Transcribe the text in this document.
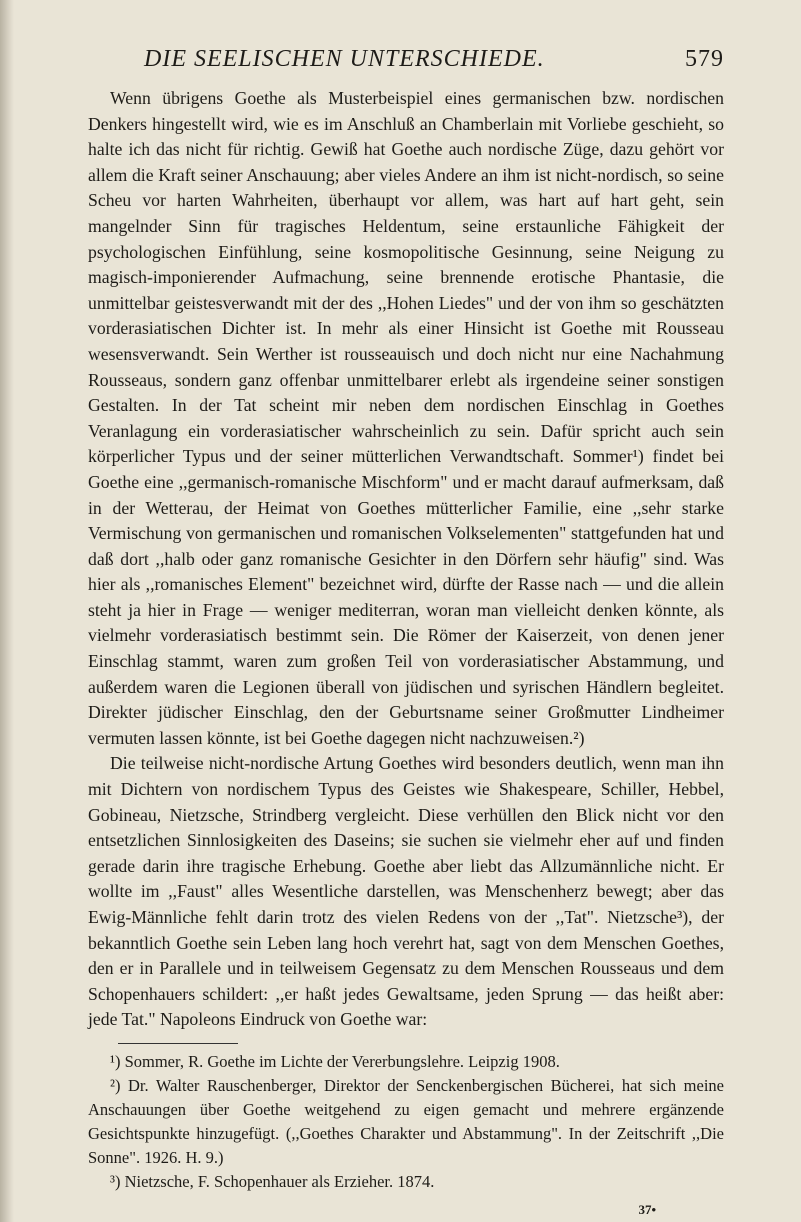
DIE SEELISCHEN UNTERSCHIEDE.	579

Wenn übrigens Goethe als Musterbeispiel eines germanischen bzw. nordischen Denkers hingestellt wird, wie es im Anschluß an Chamberlain mit Vorliebe geschieht, so halte ich das nicht für richtig. Gewiß hat Goethe auch nordische Züge, dazu gehört vor allem die Kraft seiner Anschauung; aber vieles Andere an ihm ist nicht-nordisch, so seine Scheu vor harten Wahrheiten, überhaupt vor allem, was hart auf hart geht, sein mangelnder Sinn für tragisches Heldentum, seine erstaunliche Fähigkeit der psychologischen Einfühlung, seine kosmopolitische Gesinnung, seine Neigung zu magisch-imponierender Aufmachung, seine brennende erotische Phantasie, die unmittelbar geistesverwandt mit der des ,,Hohen Liedes" und der von ihm so geschätzten vorderasiatischen Dichter ist. In mehr als einer Hinsicht ist Goethe mit Rousseau wesensverwandt. Sein Werther ist rousseauisch und doch nicht nur eine Nachahmung Rousseaus, sondern ganz offenbar unmittelbarer erlebt als irgendeine seiner sonstigen Gestalten. In der Tat scheint mir neben dem nordischen Einschlag in Goethes Veranlagung ein vorderasiatischer wahrscheinlich zu sein. Dafür spricht auch sein körperlicher Typus und der seiner mütterlichen Verwandtschaft. Sommer¹) findet bei Goethe eine ,,germanisch-romanische Mischform" und er macht darauf aufmerksam, daß in der Wetterau, der Heimat von Goethes mütterlicher Familie, eine ,,sehr starke Vermischung von germanischen und romanischen Volkselementen" stattgefunden hat und daß dort ,,halb oder ganz romanische Gesichter in den Dörfern sehr häufig" sind. Was hier als ,,romanisches Element" bezeichnet wird, dürfte der Rasse nach — und die allein steht ja hier in Frage — weniger mediterran, woran man vielleicht denken könnte, als vielmehr vorderasiatisch bestimmt sein. Die Römer der Kaiserzeit, von denen jener Einschlag stammt, waren zum großen Teil von vorderasiatischer Abstammung, und außerdem waren die Legionen überall von jüdischen und syrischen Händlern begleitet. Direkter jüdischer Einschlag, den der Geburtsname seiner Großmutter Lindheimer vermuten lassen könnte, ist bei Goethe dagegen nicht nachzuweisen.²)

Die teilweise nicht-nordische Artung Goethes wird besonders deutlich, wenn man ihn mit Dichtern von nordischem Typus des Geistes wie Shakespeare, Schiller, Hebbel, Gobineau, Nietzsche, Strindberg vergleicht. Diese verhüllen den Blick nicht vor den entsetzlichen Sinnlosigkeiten des Daseins; sie suchen sie vielmehr eher auf und finden gerade darin ihre tragische Erhebung. Goethe aber liebt das Allzumännliche nicht. Er wollte im ,,Faust" alles Wesentliche darstellen, was Menschenherz bewegt; aber das Ewig-Männliche fehlt darin trotz des vielen Redens von der ,,Tat". Nietzsche³), der bekanntlich Goethe sein Leben lang hoch verehrt hat, sagt von dem Menschen Goethes, den er in Parallele und in teilweisem Gegensatz zu dem Menschen Rousseaus und dem Schopenhauers schildert: ,,er haßt jedes Gewaltsame, jeden Sprung — das heißt aber: jede Tat." Napoleons Eindruck von Goethe war:

¹) Sommer, R. Goethe im Lichte der Vererbungslehre. Leipzig 1908.

²) Dr. Walter Rauschenberger, Direktor der Senckenbergischen Bücherei, hat sich meine Anschauungen über Goethe weitgehend zu eigen gemacht und mehrere ergänzende Gesichtspunkte hinzugefügt. (,,Goethes Charakter und Abstammung". In der Zeitschrift ,,Die Sonne". 1926. H. 9.)

³) Nietzsche, F. Schopenhauer als Erzieher. 1874.

37•
